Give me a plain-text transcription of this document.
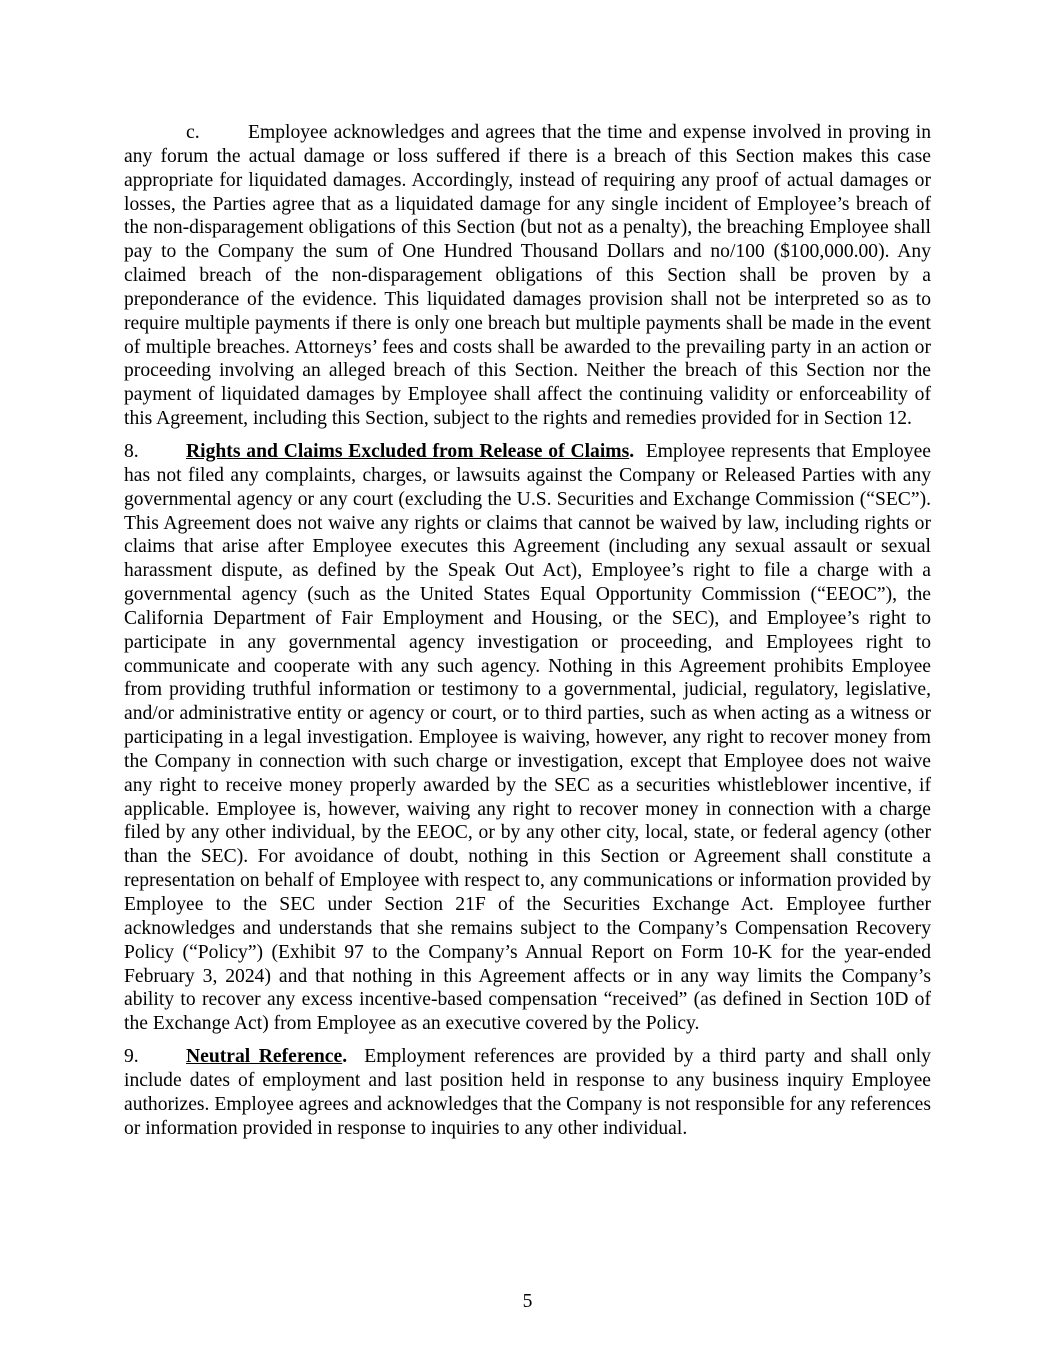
c. Employee acknowledges and agrees that the time and expense involved in proving in any forum the actual damage or loss suffered if there is a breach of this Section makes this case appropriate for liquidated damages. Accordingly, instead of requiring any proof of actual damages or losses, the Parties agree that as a liquidated damage for any single incident of Employee’s breach of the non-disparagement obligations of this Section (but not as a penalty), the breaching Employee shall pay to the Company the sum of One Hundred Thousand Dollars and no/100 ($100,000.00). Any claimed breach of the non-disparagement obligations of this Section shall be proven by a preponderance of the evidence. This liquidated damages provision shall not be interpreted so as to require multiple payments if there is only one breach but multiple payments shall be made in the event of multiple breaches. Attorneys’ fees and costs shall be awarded to the prevailing party in an action or proceeding involving an alleged breach of this Section. Neither the breach of this Section nor the payment of liquidated damages by Employee shall affect the continuing validity or enforceability of this Agreement, including this Section, subject to the rights and remedies provided for in Section 12.

8. Rights and Claims Excluded from Release of Claims. Employee represents that Employee has not filed any complaints, charges, or lawsuits against the Company or Released Parties with any governmental agency or any court (excluding the U.S. Securities and Exchange Commission (“SEC”). This Agreement does not waive any rights or claims that cannot be waived by law, including rights or claims that arise after Employee executes this Agreement (including any sexual assault or sexual harassment dispute, as defined by the Speak Out Act), Employee’s right to file a charge with a governmental agency (such as the United States Equal Opportunity Commission (“EEOC”), the California Department of Fair Employment and Housing, or the SEC), and Employee’s right to participate in any governmental agency investigation or proceeding, and Employees right to communicate and cooperate with any such agency. Nothing in this Agreement prohibits Employee from providing truthful information or testimony to a governmental, judicial, regulatory, legislative, and/or administrative entity or agency or court, or to third parties, such as when acting as a witness or participating in a legal investigation. Employee is waiving, however, any right to recover money from the Company in connection with such charge or investigation, except that Employee does not waive any right to receive money properly awarded by the SEC as a securities whistleblower incentive, if applicable. Employee is, however, waiving any right to recover money in connection with a charge filed by any other individual, by the EEOC, or by any other city, local, state, or federal agency (other than the SEC). For avoidance of doubt, nothing in this Section or Agreement shall constitute a representation on behalf of Employee with respect to, any communications or information provided by Employee to the SEC under Section 21F of the Securities Exchange Act. Employee further acknowledges and understands that she remains subject to the Company’s Compensation Recovery Policy (“Policy”) (Exhibit 97 to the Company’s Annual Report on Form 10-K for the year-ended February 3, 2024) and that nothing in this Agreement affects or in any way limits the Company’s ability to recover any excess incentive-based compensation “received” (as defined in Section 10D of the Exchange Act) from Employee as an executive covered by the Policy.

9. Neutral Reference. Employment references are provided by a third party and shall only include dates of employment and last position held in response to any business inquiry Employee authorizes. Employee agrees and acknowledges that the Company is not responsible for any references or information provided in response to inquiries to any other individual.

5
